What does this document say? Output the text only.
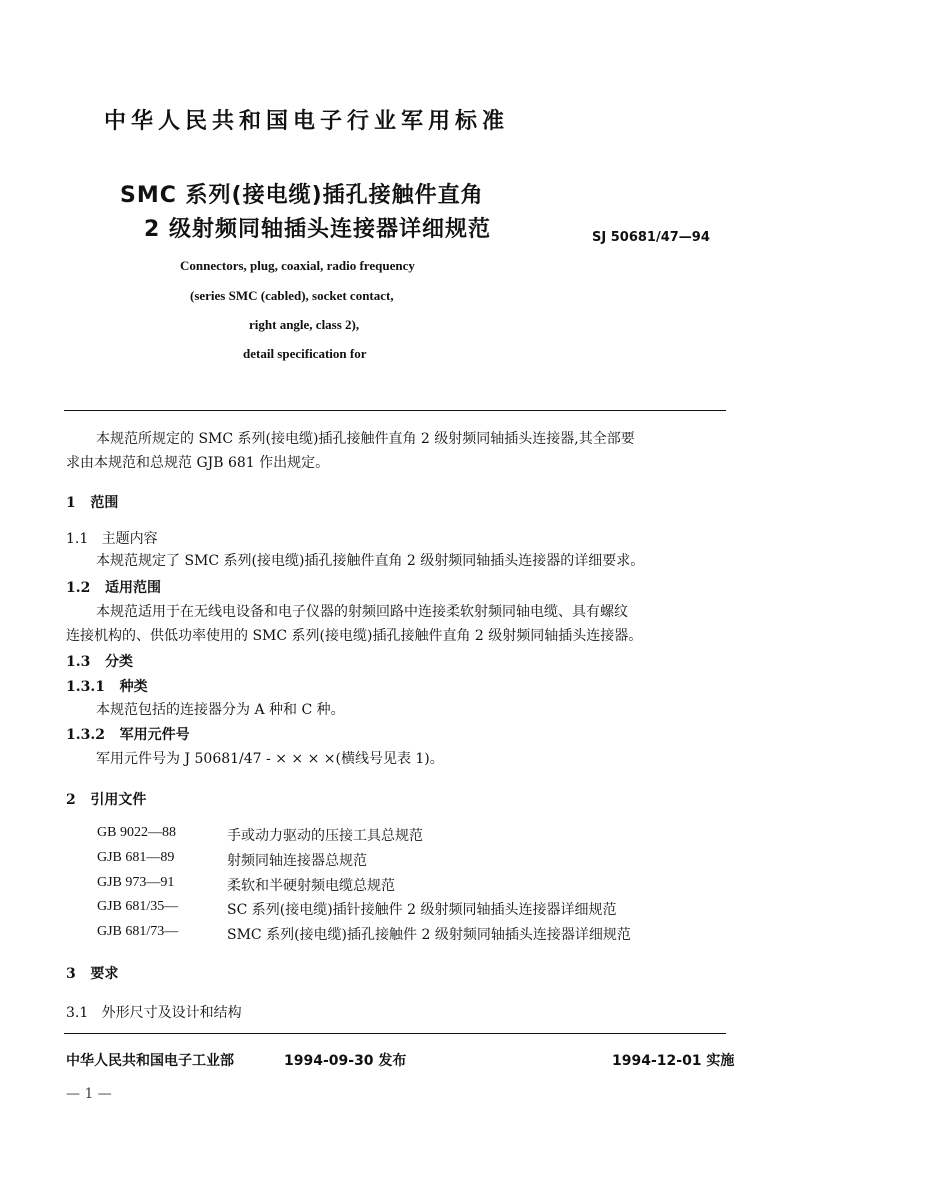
中华人民共和国电子行业军用标准
SMC 系列(接电缆)插孔接触件直角
2 级射频同轴插头连接器详细规范	SJ 50681/47—94
Connectors, plug, coaxial, radio frequency
(series SMC (cabled), socket contact,
right angle, class 2),
detail specification for
本规范所规定的 SMC 系列(接电缆)插孔接触件直角 2 级射频同轴插头连接器,其全部要
求由本规范和总规范 GJB 681 作出规定。
1 范围
1.1 主题内容
本规范规定了 SMC 系列(接电缆)插孔接触件直角 2 级射频同轴插头连接器的详细要求。
1.2 适用范围
本规范适用于在无线电设备和电子仪器的射频回路中连接柔软射频同轴电缆、具有螺纹
连接机构的、供低功率使用的 SMC 系列(接电缆)插孔接触件直角 2 级射频同轴插头连接器。
1.3 分类
1.3.1 种类
本规范包括的连接器分为 A 种和 C 种。
1.3.2 军用元件号
军用元件号为 J 50681/47 - × × × ×(横线号见表 1)。
2 引用文件
GB 9022—88	手或动力驱动的压接工具总规范
GJB 681—89	射频同轴连接器总规范
GJB 973—91	柔软和半硬射频电缆总规范
GJB 681/35—	SC 系列(接电缆)插针接触件 2 级射频同轴插头连接器详细规范
GJB 681/73—	SMC 系列(接电缆)插孔接触件 2 级射频同轴插头连接器详细规范
3 要求
3.1 外形尺寸及设计和结构
中华人民共和国电子工业部	1994-09-30 发布	1994-12-01 实施
— 1 —
